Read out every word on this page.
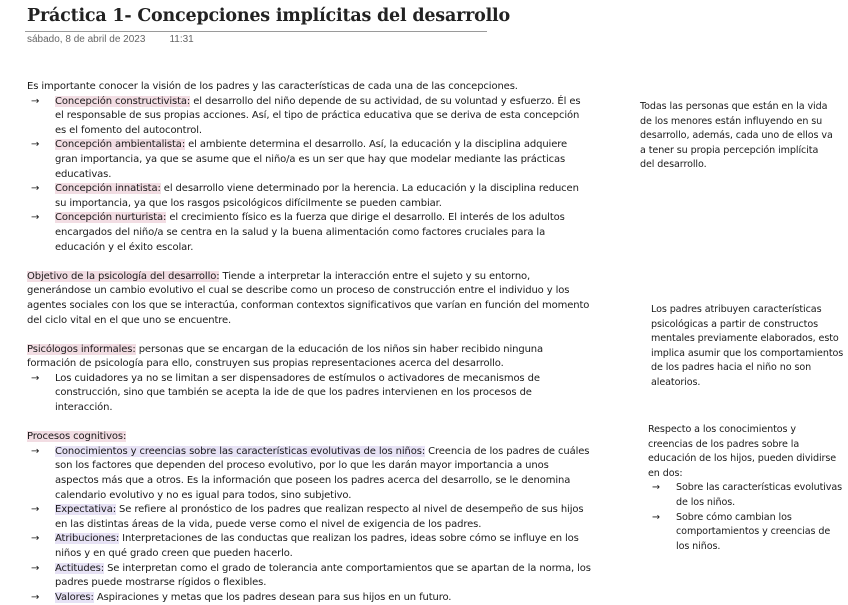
Práctica 1- Concepciones implícitas del desarrollo
sábado, 8 de abril de 2023 11:31

Es importante conocer la visión de los padres y las características de cada una de las concepciones.

→ Concepción constructivista: el desarrollo del niño depende de su actividad, de su voluntad y esfuerzo. Él es el responsable de sus propias acciones. Así, el tipo de práctica educativa que se deriva de esta concepción es el fomento del autocontrol.
→ Concepción ambientalista: el ambiente determina el desarrollo. Así, la educación y la disciplina adquiere gran importancia, ya que se asume que el niño/a es un ser que hay que modelar mediante las prácticas educativas.
→ Concepción innatista: el desarrollo viene determinado por la herencia. La educación y la disciplina reducen su importancia, ya que los rasgos psicológicos difícilmente se pueden cambiar.
→ Concepción nurturista: el crecimiento físico es la fuerza que dirige el desarrollo. El interés de los adultos encargados del niño/a se centra en la salud y la buena alimentación como factores cruciales para la educación y el éxito escolar.

Objetivo de la psicología del desarrollo: Tiende a interpretar la interacción entre el sujeto y su entorno, generándose un cambio evolutivo el cual se describe como un proceso de construcción entre el individuo y los agentes sociales con los que se interactúa, conforman contextos significativos que varían en función del momento del ciclo vital en el que uno se encuentre.

Psicólogos informales: personas que se encargan de la educación de los niños sin haber recibido ninguna formación de psicología para ello, construyen sus propias representaciones acerca del desarrollo.

→ Los cuidadores ya no se limitan a ser dispensadores de estímulos o activadores de mecanismos de construcción, sino que también se acepta la ide de que los padres intervienen en los procesos de interacción.

Procesos cognitivos:

→ Conocimientos y creencias sobre las características evolutivas de los niños: Creencia de los padres de cuáles son los factores que dependen del proceso evolutivo, por lo que les darán mayor importancia a unos aspectos más que a otros. Es la información que poseen los padres acerca del desarrollo, se le denomina calendario evolutivo y no es igual para todos, sino subjetivo.
→ Expectativa: Se refiere al pronóstico de los padres que realizan respecto al nivel de desempeño de sus hijos en las distintas áreas de la vida, puede verse como el nivel de exigencia de los padres.
→ Atribuciones: Interpretaciones de las conductas que realizan los padres, ideas sobre cómo se influye en los niños y en qué grado creen que pueden hacerlo.
→ Actitudes: Se interpretan como el grado de tolerancia ante comportamientos que se apartan de la norma, los padres puede mostrarse rígidos o flexibles.
→ Valores: Aspiraciones y metas que los padres desean para sus hijos en un futuro.
Todas las personas que están en la vida de los menores están influyendo en su desarrollo, además, cada uno de ellos va a tener su propia percepción implícita del desarrollo.
Los padres atribuyen características psicológicas a partir de constructos mentales previamente elaborados, esto implica asumir que los comportamientos de los padres hacia el niño no son aleatorios.
Respecto a los conocimientos y creencias de los padres sobre la educación de los hijos, pueden dividirse en dos:
→ Sobre las características evolutivas de los niños.
→ Sobre cómo cambian los comportamientos y creencias de los niños.
